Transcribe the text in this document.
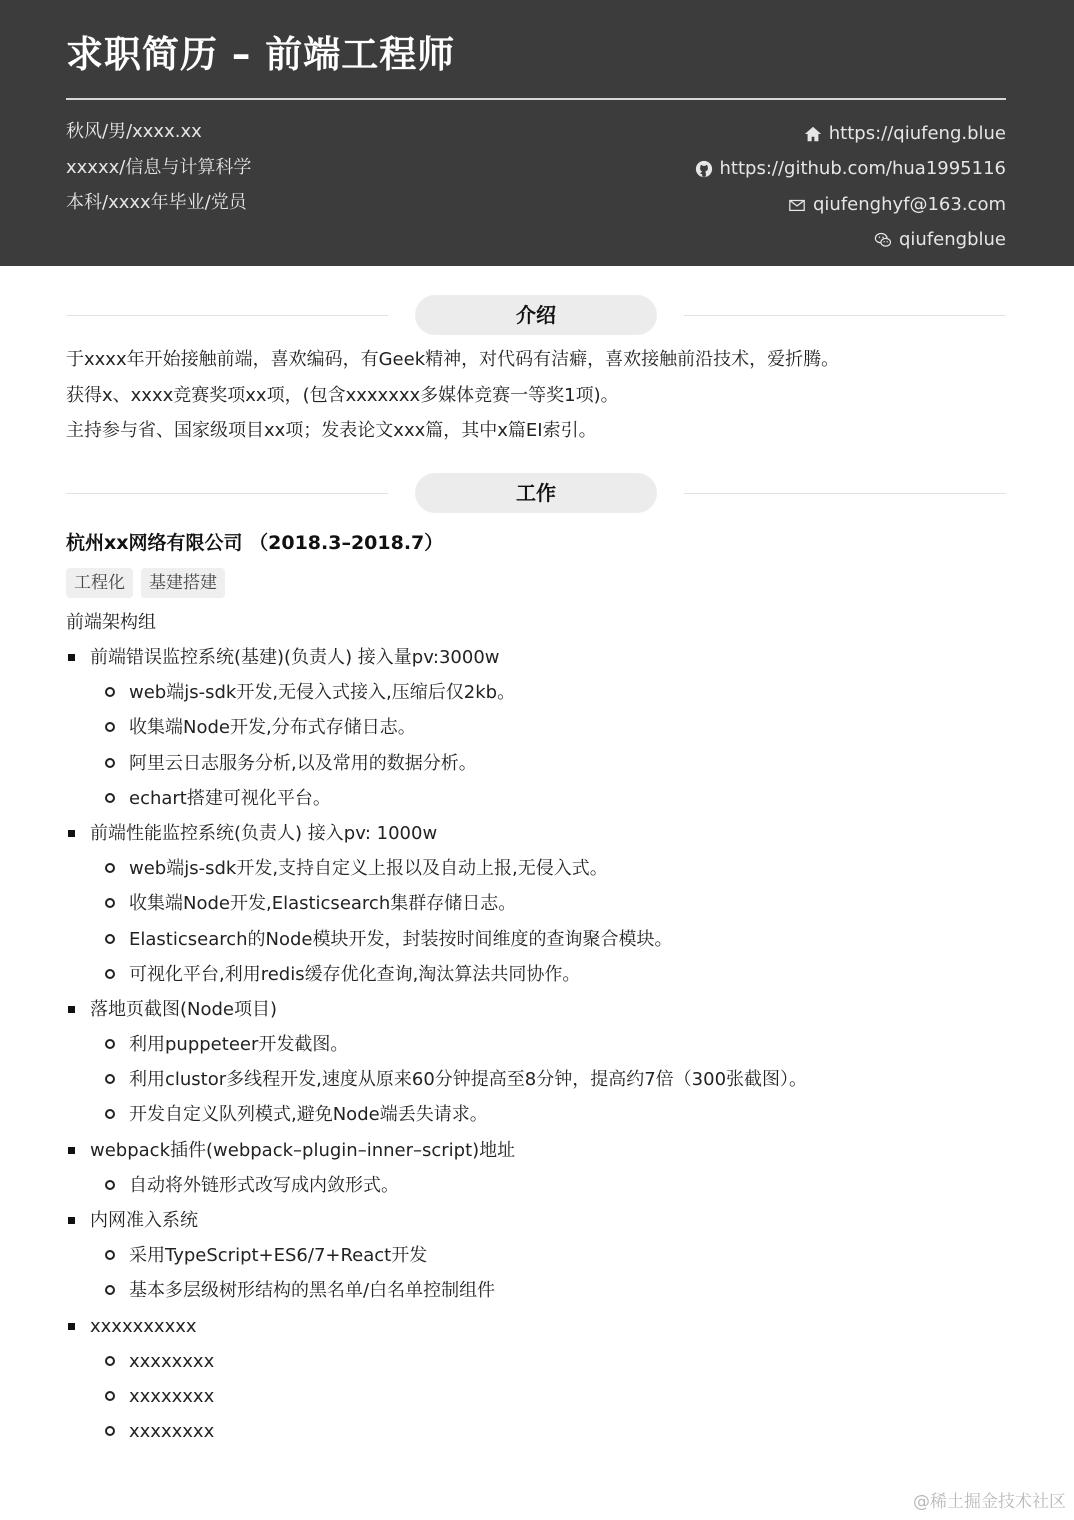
求职简历 – 前端工程师
秋风/男/xxxx.xx
xxxxx/信息与计算科学
本科/xxxx年毕业/党员
https://qiufeng.blue
https://github.com/hua1995116
qiufenghyf@163.com
qiufengblue
介绍
于xxxx年开始接触前端，喜欢编码，有Geek精神，对代码有洁癖，喜欢接触前沿技术，爱折腾。
获得x、xxxx竞赛奖项xx项，(包含xxxxxxx多媒体竞赛一等奖1项)。
主持参与省、国家级项目xx项；发表论文xxx篇，其中x篇EI索引。
工作
杭州xx网络有限公司 （2018.3–2018.7）
工程化	基建搭建
前端架构组
前端错误监控系统(基建)(负责人) 接入量pv:3000w
web端js-sdk开发,无侵入式接入,压缩后仅2kb。
收集端Node开发,分布式存储日志。
阿里云日志服务分析,以及常用的数据分析。
echart搭建可视化平台。
前端性能监控系统(负责人) 接入pv: 1000w
web端js-sdk开发,支持自定义上报以及自动上报,无侵入式。
收集端Node开发,Elasticsearch集群存储日志。
Elasticsearch的Node模块开发，封装按时间维度的查询聚合模块。
可视化平台,利用redis缓存优化查询,淘汰算法共同协作。
落地页截图(Node项目)
利用puppeteer开发截图。
利用clustor多线程开发,速度从原来60分钟提高至8分钟，提高约7倍（300张截图）。
开发自定义队列模式,避免Node端丢失请求。
webpack插件(webpack–plugin–inner–script)地址
自动将外链形式改写成内敛形式。
内网准入系统
采用TypeScript+ES6/7+React开发
基本多层级树形结构的黑名单/白名单控制组件
xxxxxxxxxx
xxxxxxxx
xxxxxxxx
xxxxxxxx
@稀土掘金技术社区
